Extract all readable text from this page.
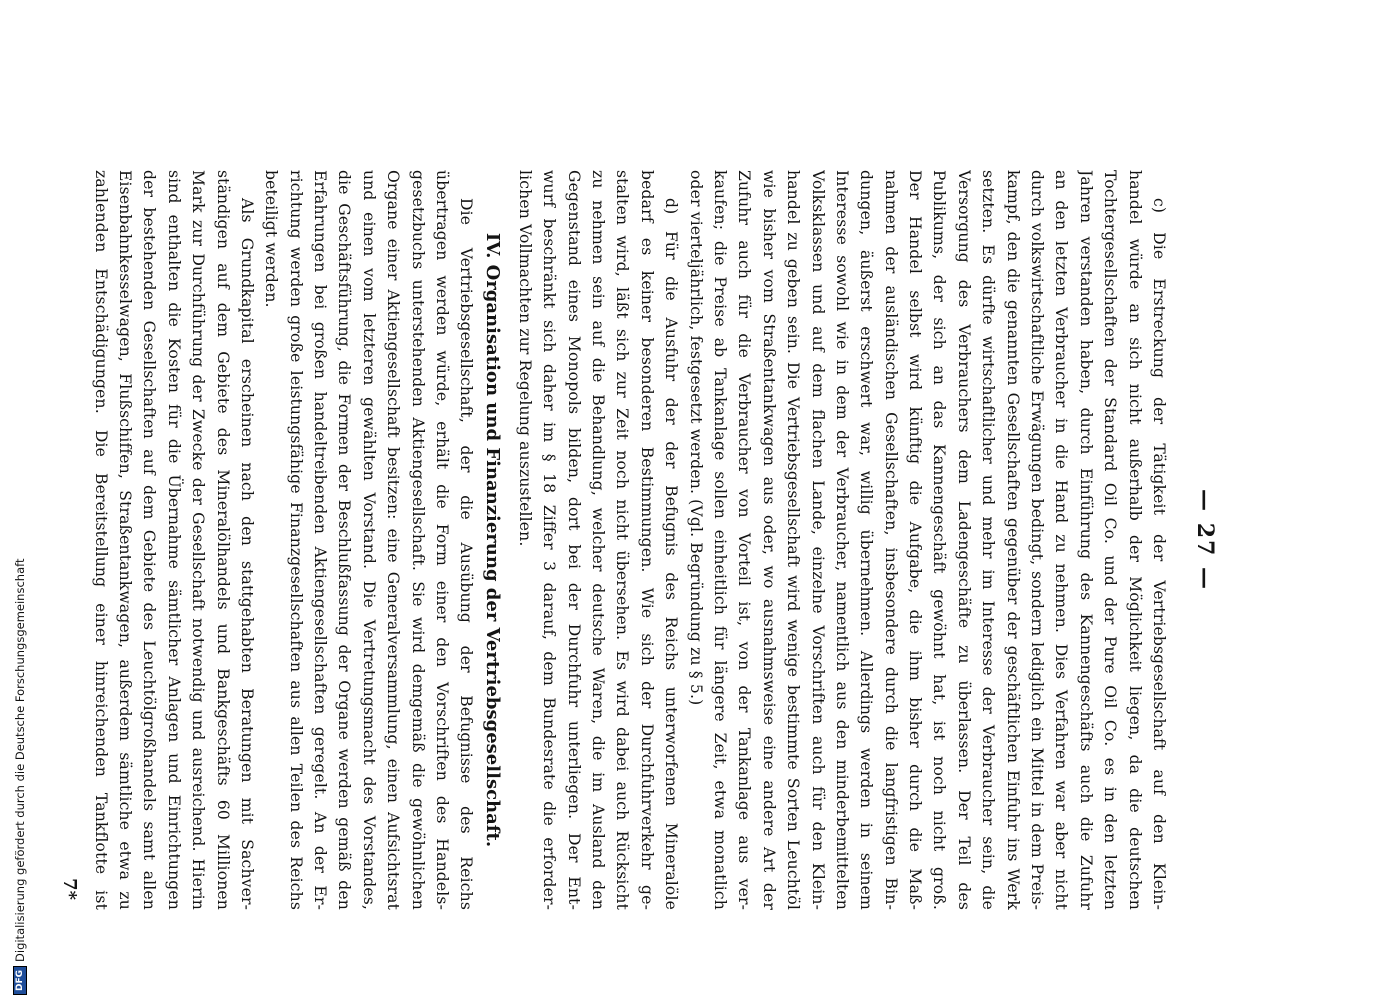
— 27 —
c) Die Erstreckung der Tätigkeit der Vertriebsgesellschaft auf den Klein-
handel würde an sich nicht außerhalb der Möglichkeit liegen, da die deutschen
Tochtergesellschaften der Standard Oil Co. und der Pure Oil Co. es in den letzten
Jahren verstanden haben, durch Einführung des Kannengeschäfts auch die Zufuhr
an den letzten Verbraucher in die Hand zu nehmen. Dies Verfahren war aber nicht
durch volkswirtschaftliche Erwägungen bedingt, sondern lediglich ein Mittel in dem Preis-
kampf, den die genannten Gesellschaften gegenüber der geschäftlichen Einfuhr ins Werk
setzten. Es dürfte wirtschaftlicher und mehr im Interesse der Verbraucher sein, die
Versorgung des Verbrauchers dem Ladengeschäfte zu überlassen. Der Teil des
Publikums, der sich an das Kannengeschäft gewöhnt hat, ist noch nicht groß.
Der Handel selbst wird künftig die Aufgabe, die ihm bisher durch die Maß-
nahmen der ausländischen Gesellschaften, insbesondere durch die langfristigen Bin-
dungen, äußerst erschwert war, willig übernehmen. Allerdings werden in seinem
Interesse sowohl wie in dem der Verbraucher, namentlich aus den minderbemittelten
Volksklassen und auf dem flachen Lande, einzelne Vorschriften auch für den Klein-
handel zu geben sein. Die Vertriebsgesellschaft wird wenige bestimmte Sorten Leuchtöl
wie bisher vom Straßentankwagen aus oder, wo ausnahmsweise eine andere Art der
Zufuhr auch für die Verbraucher von Vorteil ist, von der Tankanlage aus ver-
kaufen; die Preise ab Tankanlage sollen einheitlich für längere Zeit, etwa monatlich
oder vierteljährlich, festgesetzt werden. (Vgl. Begründung zu § 5.)
d) Für die Ausfuhr der der Befugnis des Reichs unterworfenen Mineralöle
bedarf es keiner besonderen Bestimmungen. Wie sich der Durchfuhrverkehr ge-
stalten wird, läßt sich zur Zeit noch nicht übersehen. Es wird dabei auch Rücksicht
zu nehmen sein auf die Behandlung, welcher deutsche Waren, die im Ausland den
Gegenstand eines Monopols bilden, dort bei der Durchfuhr unterliegen. Der Ent-
wurf beschränkt sich daher im § 18 Ziffer 3 darauf, dem Bundesrate die erforder-
lichen Vollmachten zur Regelung auszustellen.
IV. Organisation und Finanzierung der Vertriebsgesellschaft.
Die Vertriebsgesellschaft, der die Ausübung der Befugnisse des Reichs
übertragen werden würde, erhält die Form einer den Vorschriften des Handels-
gesetzbuchs unterstehenden Aktiengesellschaft. Sie wird demgemäß die gewöhnlichen
Organe einer Aktiengesellschaft besitzen: eine Generalversammlung, einen Aufsichtsrat
und einen vom letzteren gewählten Vorstand. Die Vertretungsmacht des Vorstandes,
die Geschäftsführung, die Formen der Beschlußfassung der Organe werden gemäß den
Erfahrungen bei großen handeltreibenden Aktiengesellschaften geregelt. An der Er-
richtung werden große leistungsfähige Finanzgesellschaften aus allen Teilen des Reichs
beteiligt werden.
Als Grundkapital erscheinen nach den stattgehabten Beratungen mit Sachver-
ständigen auf dem Gebiete des Mineralölhandels und Bankgeschäfts 60 Millionen
Mark zur Durchführung der Zwecke der Gesellschaft notwendig und ausreichend. Hierin
sind enthalten die Kosten für die Übernahme sämtlicher Anlagen und Einrichtungen
der bestehenden Gesellschaften auf dem Gebiete des Leuchtölgroßhandels samt allen
Eisenbahnkesselwagen, Flußschiffen, Straßentankwagen, außerdem sämtliche etwa zu
zahlenden Entschädigungen. Die Bereitstellung einer hinreichenden Tankflotte ist
7*
DFG
Digitalisierung gefördert durch die Deutsche Forschungsgemeinschaft
